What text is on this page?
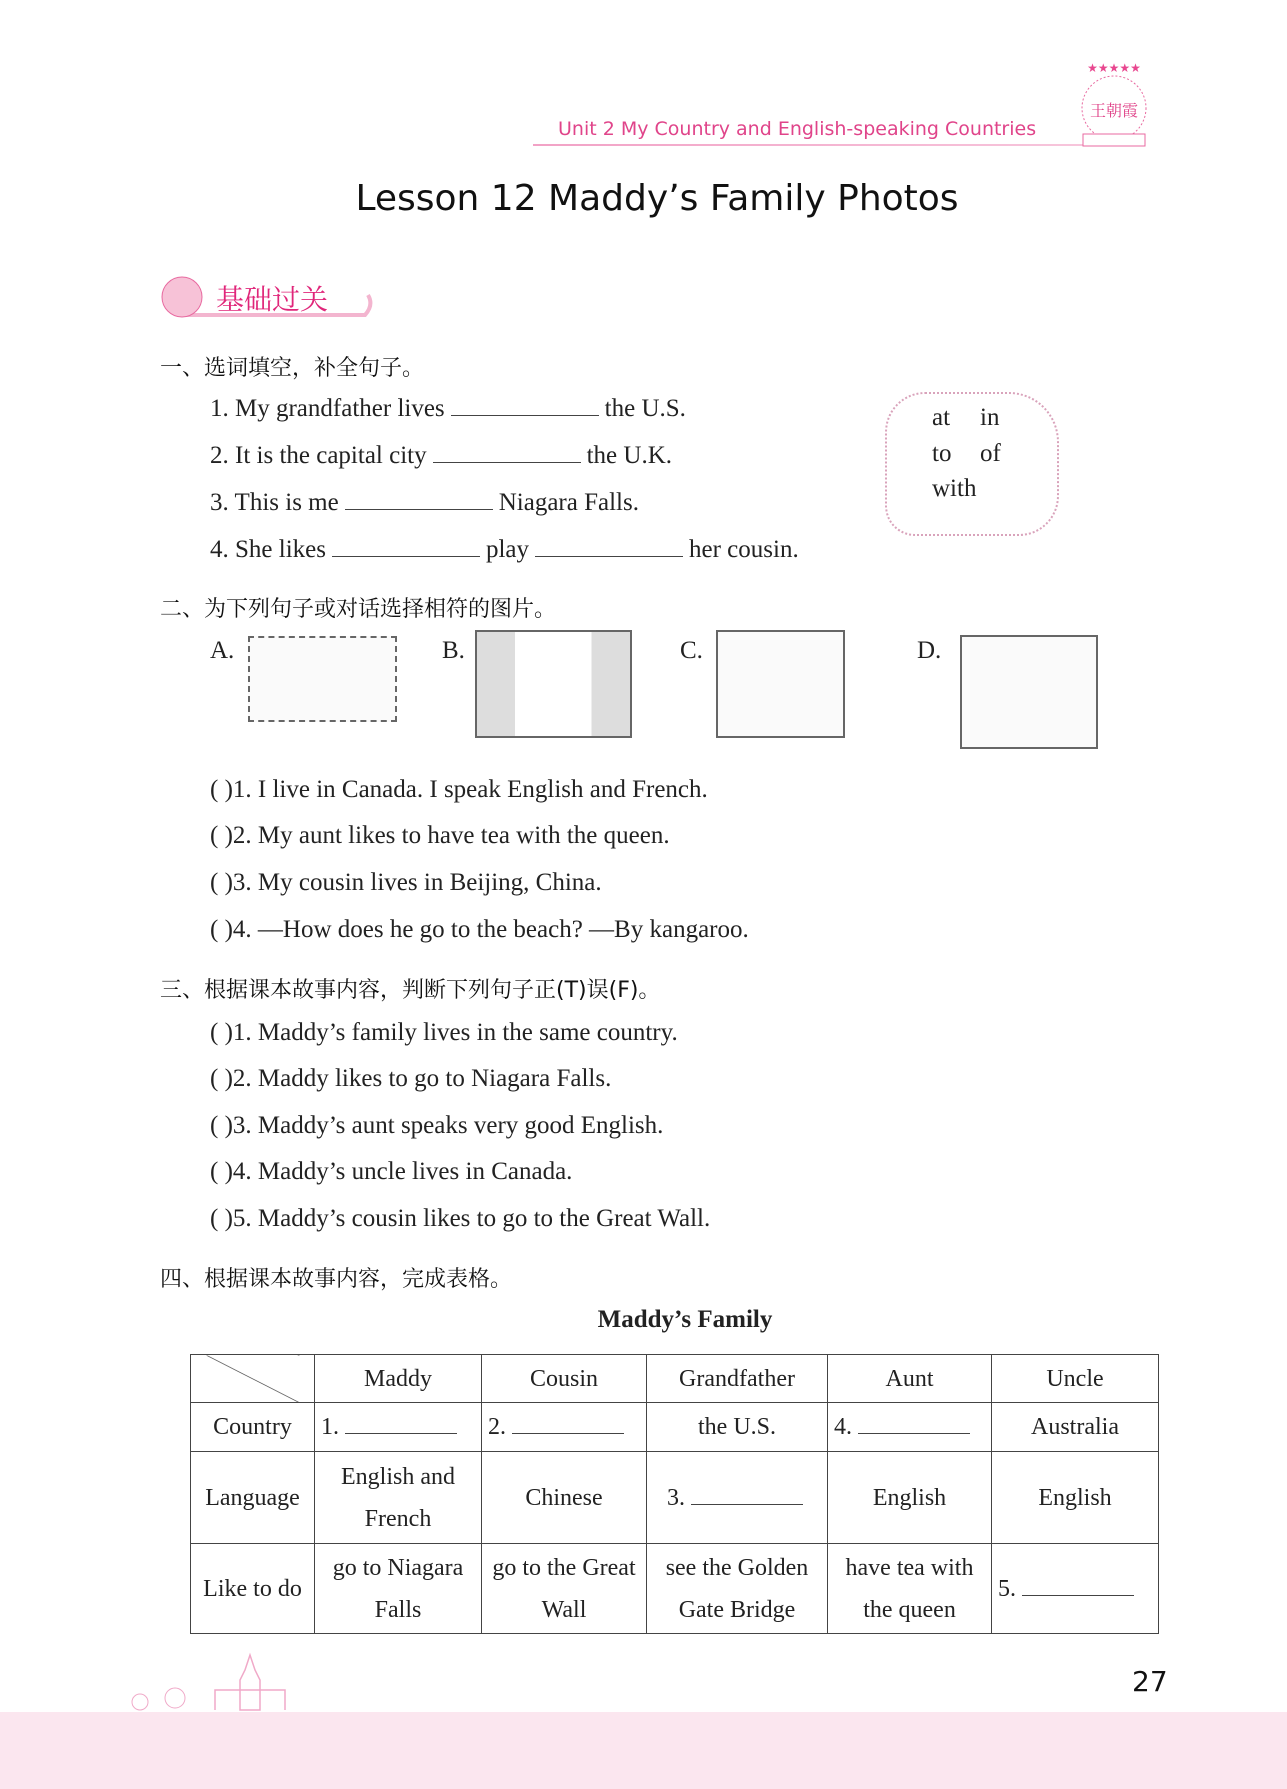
Unit 2 My Country and English-speaking Countries
★★★★★
王朝霞
Lesson 12 Maddy’s Family Photos
基础过关
一、选词填空，补全句子。
1. My grandfather lives	the U.S.
2. It is the capital city	the U.K.
3. This is me	Niagara Falls.
4. She likes	play	her cousin.
at in
to of
with
二、为下列句子或对话选择相符的图片。
A.	B.	C.	D.
( )1. I live in Canada. I speak English and French.
( )2. My aunt likes to have tea with the queen.
( )3. My cousin lives in Beijing, China.
( )4. —How does he go to the beach? —By kangaroo.
三、根据课本故事内容，判断下列句子正(T)误(F)。
( )1. Maddy’s family lives in the same country.
( )2. Maddy likes to go to Niagara Falls.
( )3. Maddy’s aunt speaks very good English.
( )4. Maddy’s uncle lives in Canada.
( )5. Maddy’s cousin likes to go to the Great Wall.
四、根据课本故事内容，完成表格。
Maddy’s Family
	Maddy	Cousin	Grandfather	Aunt	Uncle
Country	1.	2.	the U.S.	4.	Australia
Language	English and French	Chinese	3.	English	English
Like to do	go to Niagara Falls	go to the Great Wall	see the Golden Gate Bridge	have tea with the queen	5.
27
